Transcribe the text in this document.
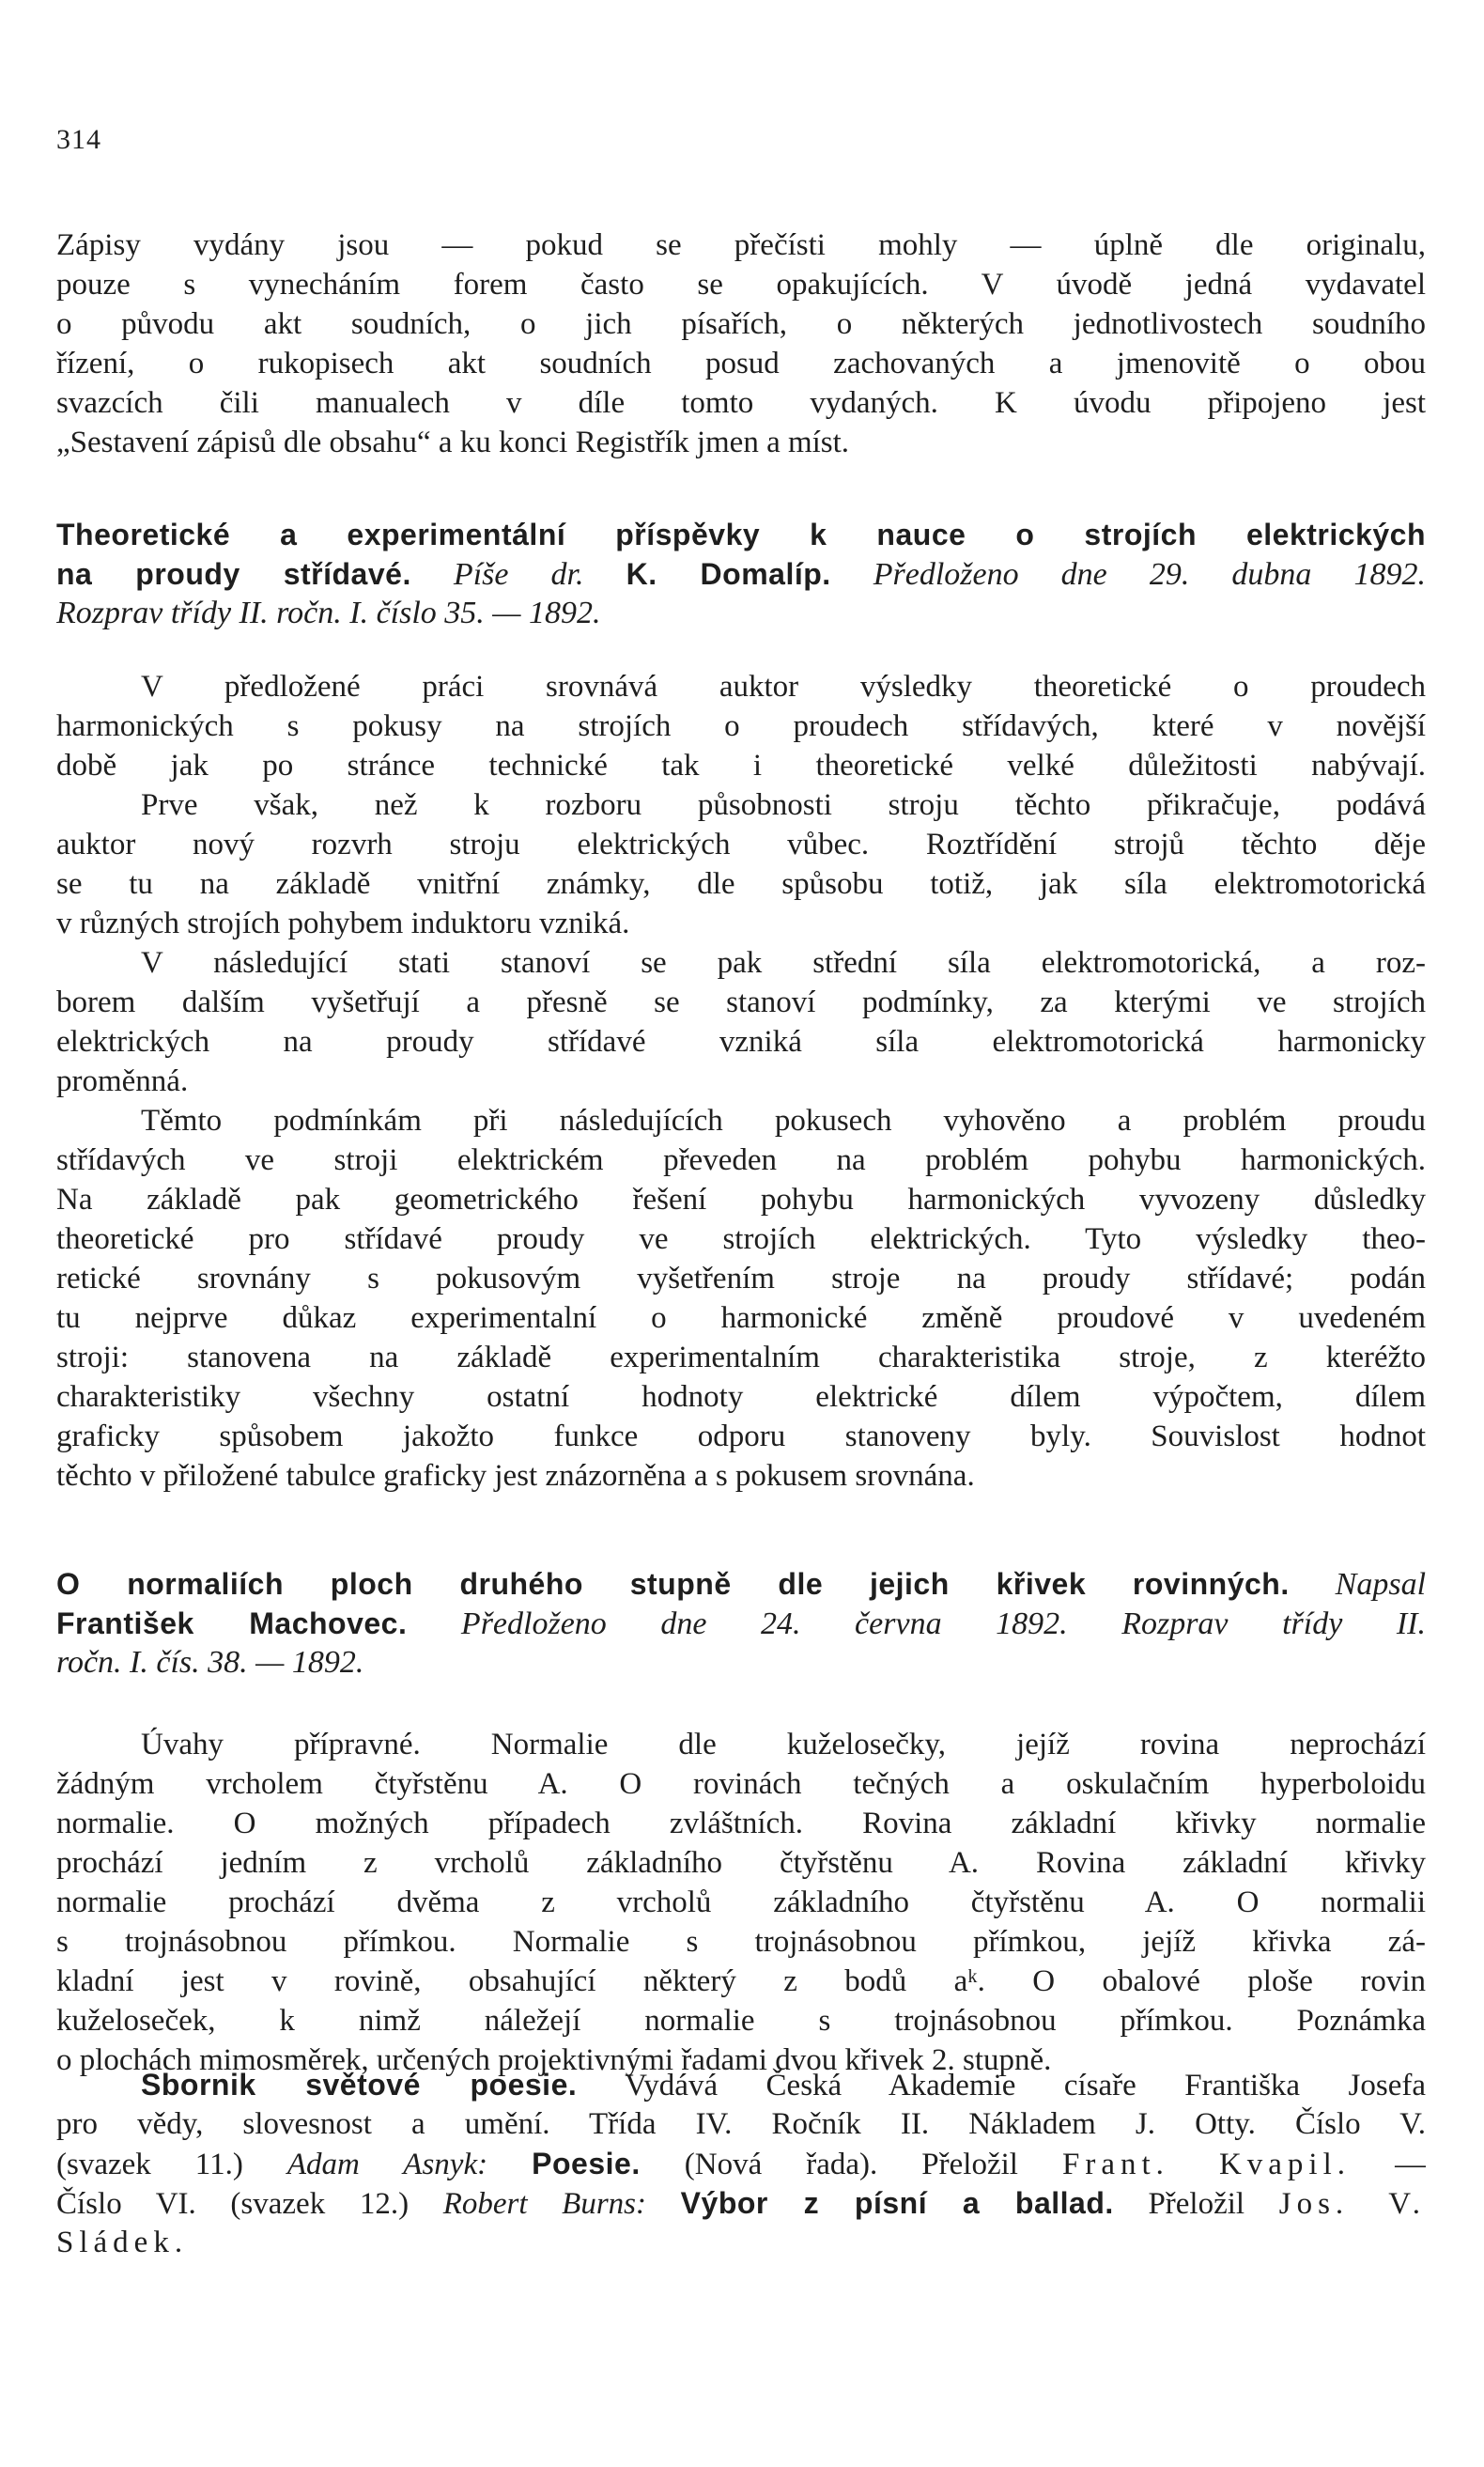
314
Zápisy vydány jsou — pokud se přečísti mohly — úplně dle originalu,
pouze s vynecháním forem často se opakujících. V úvodě jedná vydavatel
o původu akt soudních, o jich písařích, o některých jednotlivostech soudního
řízení, o rukopisech akt soudních posud zachovaných a jmenovitě o obou
svazcích čili manualech v díle tomto vydaných. K úvodu připojeno jest
„Sestavení zápisů dle obsahu“ a ku konci Registřík jmen a míst.
Theoretické a experimentální příspěvky k nauce o strojích elektrických
na proudy střídavé. Píše dr. K. Domalíp. Předloženo dne 29. dubna 1892.
Rozprav třídy II. ročn. I. číslo 35. — 1892.
V předložené práci srovnává auktor výsledky theoretické o proudech
harmonických s pokusy na strojích o proudech střídavých, které v novější
době jak po stránce technické tak i theoretické velké důležitosti nabývají.
Prve však, než k rozboru působnosti stroju těchto přikračuje, podává
auktor nový rozvrh stroju elektrických vůbec. Roztřídění strojů těchto děje
se tu na základě vnitřní známky, dle spůsobu totiž, jak síla elektromotorická
v různých strojích pohybem induktoru vzniká.
V následující stati stanoví se pak střední síla elektromotorická, a roz-
borem dalším vyšetřují a přesně se stanoví podmínky, za kterými ve strojích
elektrických na proudy střídavé vzniká síla elektromotorická harmonicky
proměnná.
Těmto podmínkám při následujících pokusech vyhověno a problém proudu
střídavých ve stroji elektrickém převeden na problém pohybu harmonických.
Na základě pak geometrického řešení pohybu harmonických vyvozeny důsledky
theoretické pro střídavé proudy ve strojích elektrických. Tyto výsledky theo-
retické srovnány s pokusovým vyšetřením stroje na proudy střídavé; podán
tu nejprve důkaz experimentalní o harmonické změně proudové v uvedeném
stroji: stanovena na základě experimentalním charakteristika stroje, z kteréžto
charakteristiky všechny ostatní hodnoty elektrické dílem výpočtem, dílem
graficky spůsobem jakožto funkce odporu stanoveny byly. Souvislost hodnot
těchto v přiložené tabulce graficky jest znázorněna a s pokusem srovnána.
O normaliích ploch druhého stupně dle jejich křivek rovinných. Napsal
František Machovec. Předloženo dne 24. června 1892. Rozprav třídy II.
ročn. I. čís. 38. — 1892.
Úvahy přípravné. Normalie dle kuželosečky, jejíž rovina neprochází
žádným vrcholem čtyřstěnu A. O rovinách tečných a oskulačním hyperboloidu
normalie. O možných případech zvláštních. Rovina základní křivky normalie
prochází jedním z vrcholů základního čtyřstěnu A. Rovina základní křivky
normalie prochází dvěma z vrcholů základního čtyřstěnu A. O normalii
s trojnásobnou přímkou. Normalie s trojnásobnou přímkou, jejíž křivka zá-
kladní jest v rovině, obsahující některý z bodů aᵏ. O obalové ploše rovin
kuželoseček, k nimž náležejí normalie s trojnásobnou přímkou. Poznámka
o plochách mimosměrek, určených projektivnými řadami dvou křivek 2. stupně.
Sbornik světové poesie. Vydává Česká Akademie císaře Františka Josefa
pro vědy, slovesnost a umění. Třída IV. Ročník II. Nákladem J. Otty. Číslo V.
(svazek 11.) Adam Asnyk: Poesie. (Nová řada). Přeložil Frant. Kvapil. —
Číslo VI. (svazek 12.) Robert Burns: Výbor z písní a ballad. Přeložil Jos. V.
Sládek.
